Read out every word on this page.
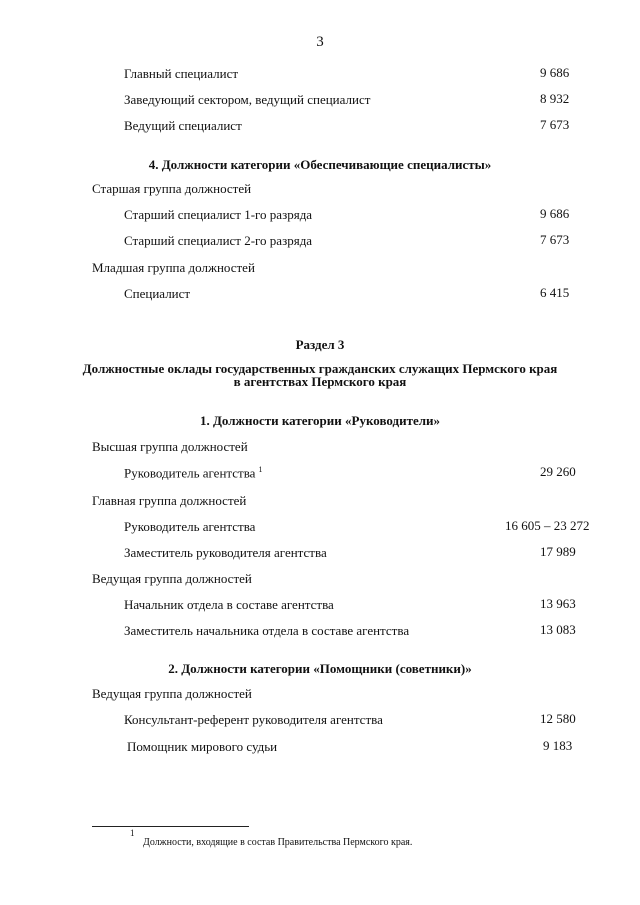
3
Главный специалист	9 686
Заведующий сектором, ведущий специалист	8 932
Ведущий специалист	7 673
4. Должности категории «Обеспечивающие специалисты»
Старшая группа должностей
Старший специалист 1-го разряда	9 686
Старший специалист 2-го разряда	7 673
Младшая группа должностей
Специалист	6 415
Раздел 3
Должностные оклады государственных гражданских служащих Пермского края
в агентствах Пермского края
1. Должности категории «Руководители»
Высшая группа должностей
Руководитель агентства $^1$	29 260
Главная группа должностей
Руководитель агентства	16 605 – 23 272
Заместитель руководителя агентства	17 989
Ведущая группа должностей
Начальник отдела в составе агентства	13 963
Заместитель начальника отдела в составе агентства	13 083
2. Должности категории «Помощники (советники)»
Ведущая группа должностей
Консультант-референт руководителя агентства	12 580
Помощник мирового судьи	9 183
1
Должности, входящие в состав Правительства Пермского края.
